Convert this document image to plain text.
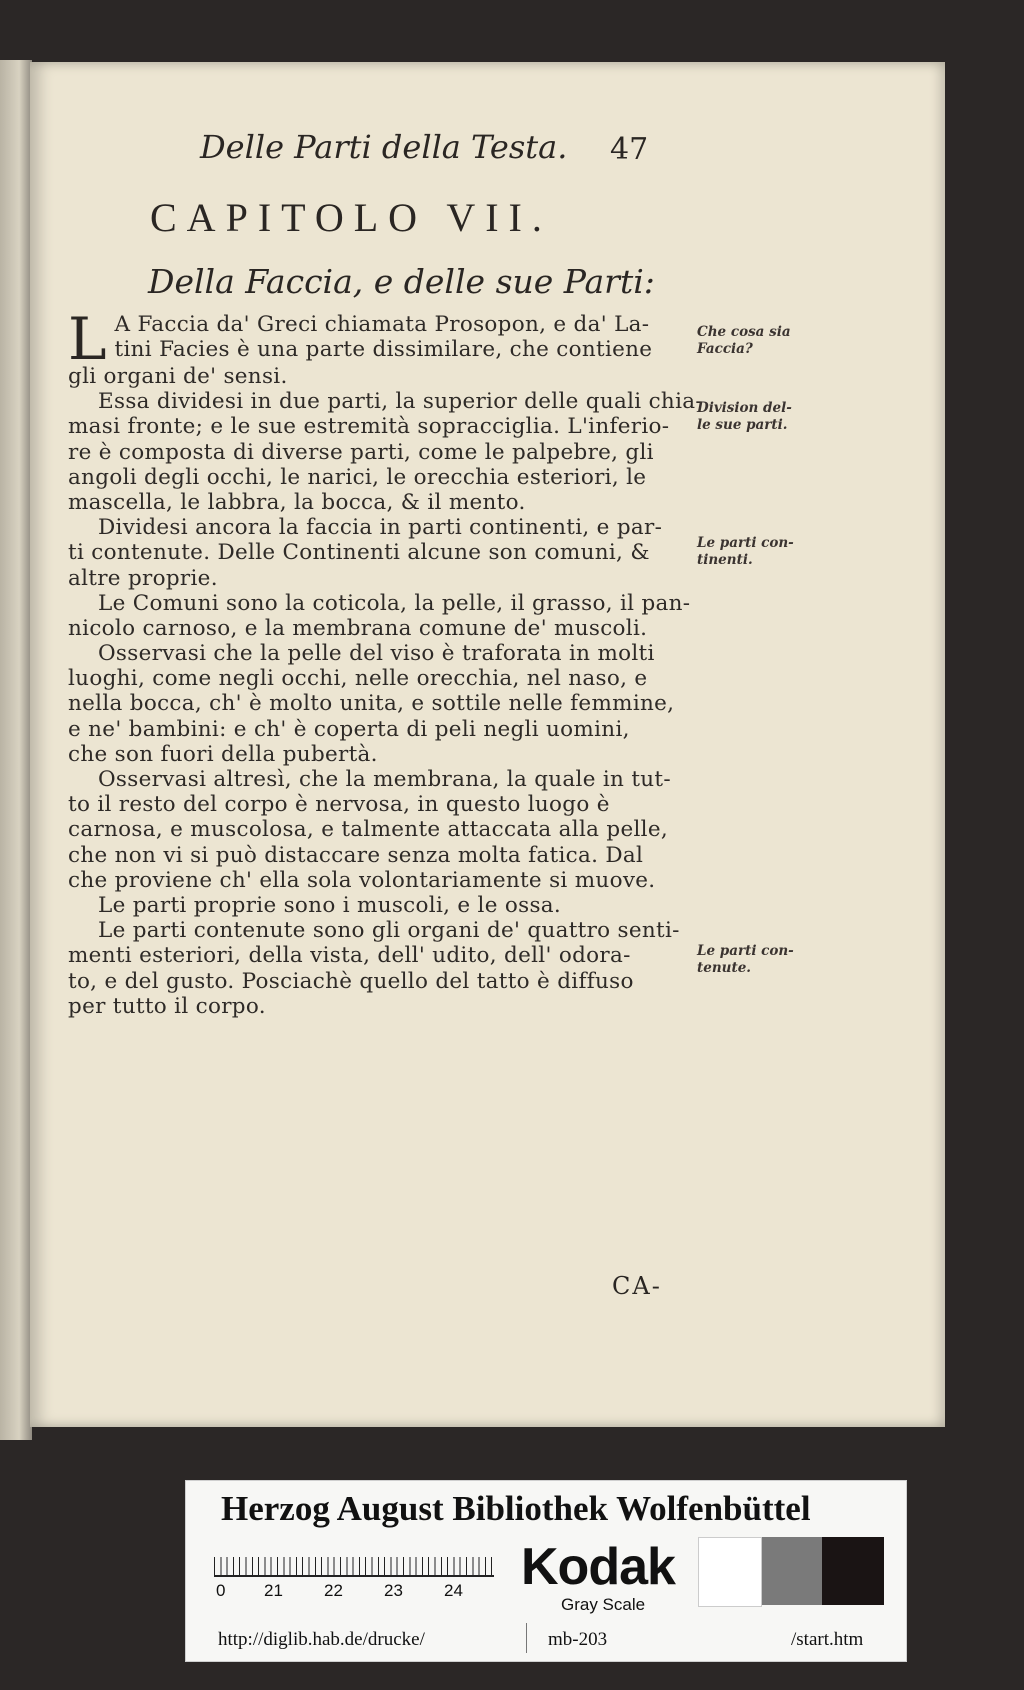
Delle Parti della Testa. 47
CAPITOLO VII.
Della Faccia, e delle sue Parti:
L A Faccia da' Greci chiamata Prosopon, e da' La-
tini Facies è una parte dissimilare, che contiene
gli organi de' sensi.
Essa dividesi in due parti, la superior delle quali chia-
masi fronte; e le sue estremità sopracciglia. L'inferio-
re è composta di diverse parti, come le palpebre, gli
angoli degli occhi, le narici, le orecchia esteriori, le
mascella, le labbra, la bocca, & il mento.
Dividesi ancora la faccia in parti continenti, e par-
ti contenute. Delle Continenti alcune son comuni, &
altre proprie.
Le Comuni sono la coticola, la pelle, il grasso, il pan-
nicolo carnoso, e la membrana comune de' muscoli.
Osservasi che la pelle del viso è traforata in molti
luoghi, come negli occhi, nelle orecchia, nel naso, e
nella bocca, ch' è molto unita, e sottile nelle femmine,
e ne' bambini: e ch' è coperta di peli negli uomini,
che son fuori della pubertà.
Osservasi altresì, che la membrana, la quale in tut-
to il resto del corpo è nervosa, in questo luogo è
carnosa, e muscolosa, e talmente attaccata alla pelle,
che non vi si può distaccare senza molta fatica. Dal
che proviene ch' ella sola volontariamente si muove.
Le parti proprie sono i muscoli, e le ossa.
Le parti contenute sono gli organi de' quattro senti-
menti esteriori, della vista, dell' udito, dell' odora-
to, e del gusto. Posciachè quello del tatto è diffuso
per tutto il corpo.
Che cosa sia
Faccia?
Division del-
le sue parti.
Le parti con-
tinenti.
Le parti con-
tenute.
CA-
Herzog August Bibliothek Wolfenbüttel
0 21 22 23 24 Kodak
Gray Scale
http://diglib.hab.de/drucke/	mb-203	/start.htm
